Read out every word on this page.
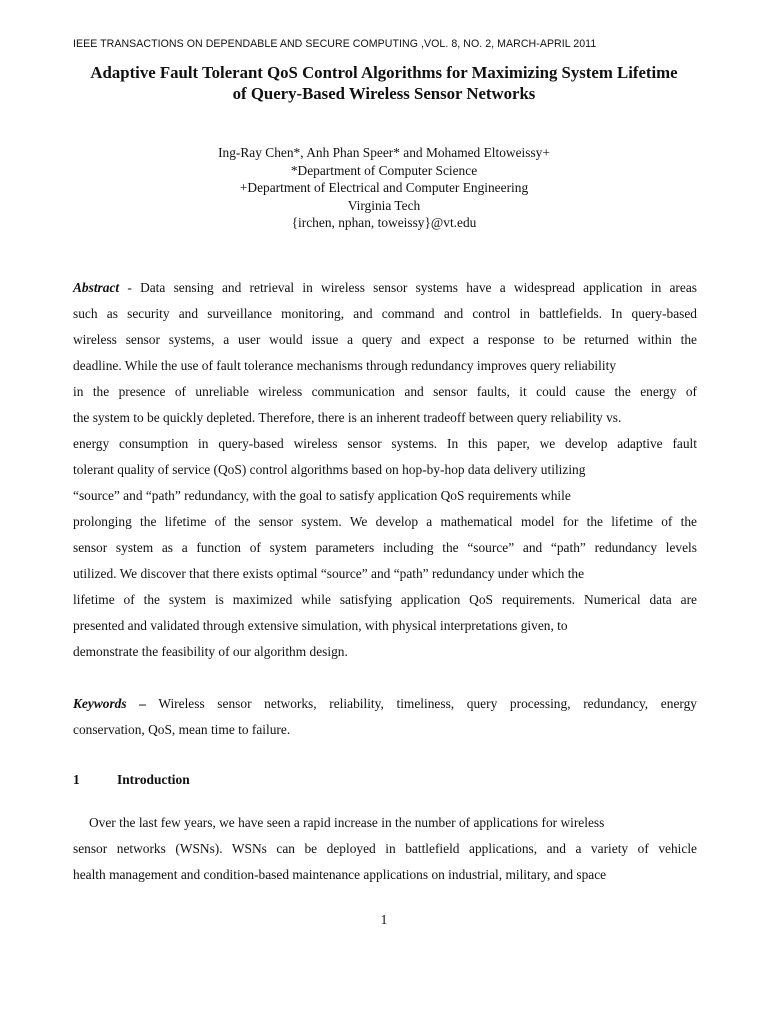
IEEE TRANSACTIONS ON DEPENDABLE AND SECURE COMPUTING ,VOL. 8, NO. 2, MARCH-APRIL 2011
Adaptive Fault Tolerant QoS Control Algorithms for Maximizing System Lifetime
of Query-Based Wireless Sensor Networks
Ing-Ray Chen*, Anh Phan Speer* and Mohamed Eltoweissy+
*Department of Computer Science
+Department of Electrical and Computer Engineering
Virginia Tech
{irchen, nphan, toweissy}@vt.edu
Abstract - Data sensing and retrieval in wireless sensor systems have a widespread application in areas
such as security and surveillance monitoring, and command and control in battlefields. In query-based
wireless sensor systems, a user would issue a query and expect a response to be returned within the
deadline. While the use of fault tolerance mechanisms through redundancy improves query reliability
in the presence of unreliable wireless communication and sensor faults, it could cause the energy of
the system to be quickly depleted. Therefore, there is an inherent tradeoff between query reliability vs.
energy consumption in query-based wireless sensor systems. In this paper, we develop adaptive fault
tolerant quality of service (QoS) control algorithms based on hop-by-hop data delivery utilizing
“source” and “path” redundancy, with the goal to satisfy application QoS requirements while
prolonging the lifetime of the sensor system. We develop a mathematical model for the lifetime of the
sensor system as a function of system parameters including the “source” and “path” redundancy levels
utilized. We discover that there exists optimal “source” and “path” redundancy under which the
lifetime of the system is maximized while satisfying application QoS requirements. Numerical data are
presented and validated through extensive simulation, with physical interpretations given, to
demonstrate the feasibility of our algorithm design.
Keywords – Wireless sensor networks, reliability, timeliness, query processing, redundancy, energy
conservation, QoS, mean time to failure.
1	Introduction
Over the last few years, we have seen a rapid increase in the number of applications for wireless
sensor networks (WSNs). WSNs can be deployed in battlefield applications, and a variety of vehicle
health management and condition-based maintenance applications on industrial, military, and space
1
